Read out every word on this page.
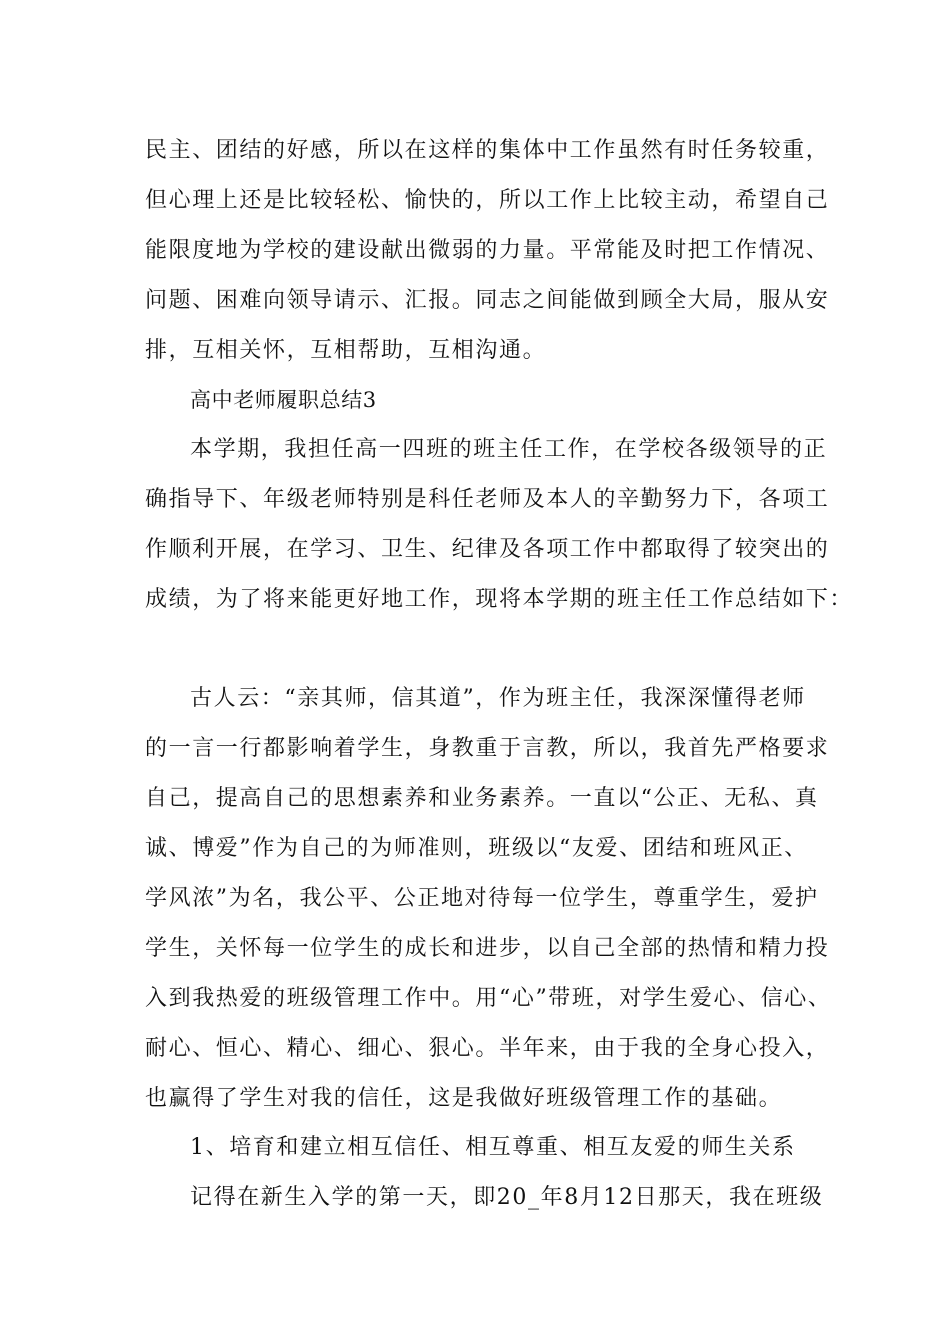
民主、团结的好感，所以在这样的集体中工作虽然有时任务较重，
但心理上还是比较轻松、愉快的，所以工作上比较主动，希望自己
能限度地为学校的建设献出微弱的力量。平常能及时把工作情况、
问题、困难向领导请示、汇报。同志之间能做到顾全大局，服从安
排，互相关怀，互相帮助，互相沟通。
高中老师履职总结3
本学期，我担任高一四班的班主任工作，在学校各级领导的正
确指导下、年级老师特别是科任老师及本人的辛勤努力下，各项工
作顺利开展，在学习、卫生、纪律及各项工作中都取得了较突出的
成绩，为了将来能更好地工作，现将本学期的班主任工作总结如下：
古人云：“亲其师，信其道”，作为班主任，我深深懂得老师
的一言一行都影响着学生，身教重于言教，所以，我首先严格要求
自己，提高自己的思想素养和业务素养。一直以“公正、无私、真
诚、博爱”作为自己的为师准则，班级以“友爱、团结和班风正、
学风浓”为名，我公平、公正地对待每一位学生，尊重学生，爱护
学生，关怀每一位学生的成长和进步，以自己全部的热情和精力投
入到我热爱的班级管理工作中。用“心”带班，对学生爱心、信心、
耐心、恒心、精心、细心、狠心。半年来，由于我的全身心投入，
也赢得了学生对我的信任，这是我做好班级管理工作的基础。
1、培育和建立相互信任、相互尊重、相互友爱的师生关系
记得在新生入学的第一天，即20_年8月12日那天，我在班级
